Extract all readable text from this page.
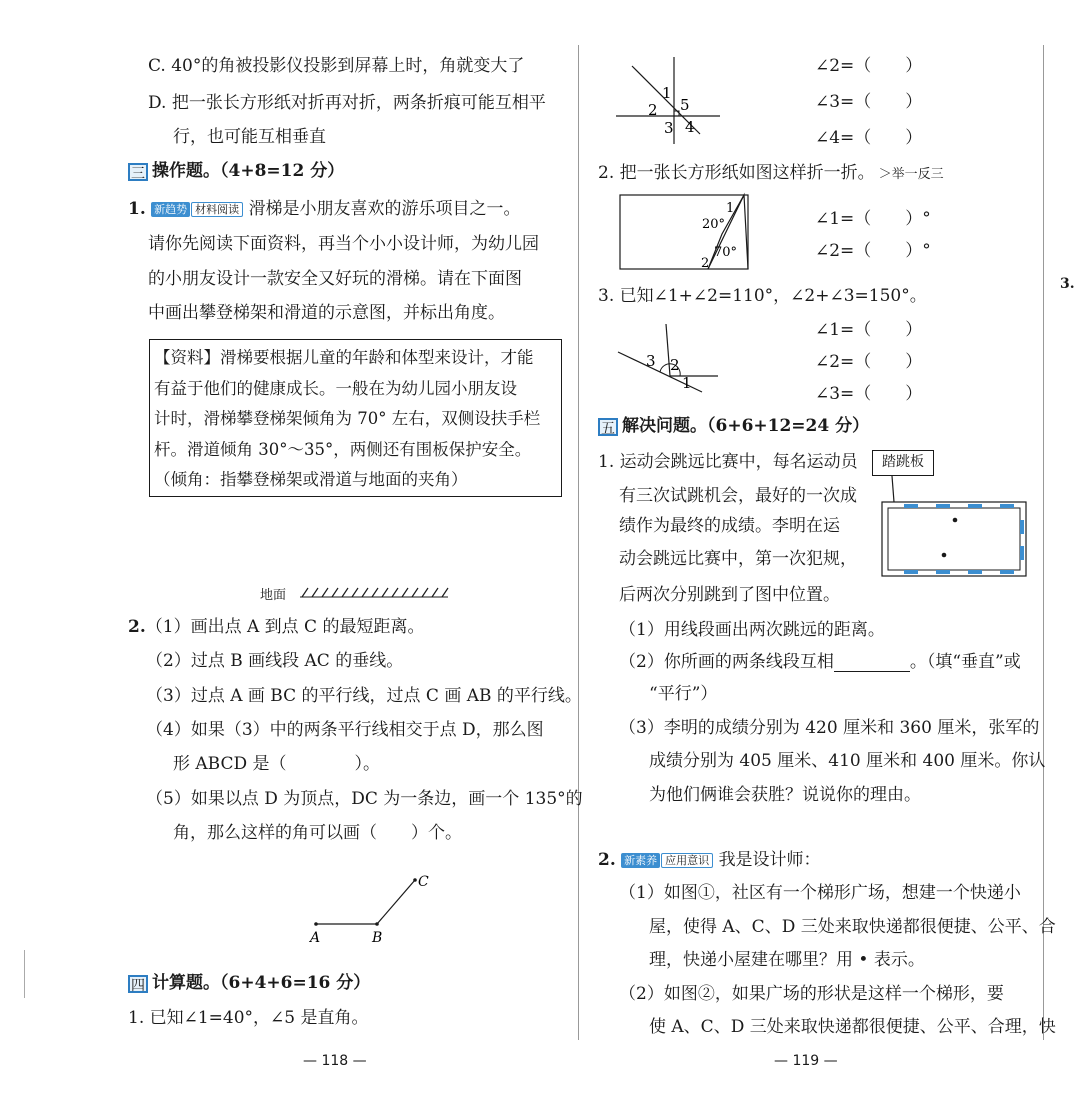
C. 40°的角被投影仪投影到屏幕上时，角就变大了
D. 把一张长方形纸对折再对折，两条折痕可能互相平
行，也可能互相垂直
三 操作题。（4+8=12 分）
1. 新趋势 材料阅读 滑梯是小朋友喜欢的游乐项目之一。
请你先阅读下面资料，再当个小小设计师，为幼儿园
的小朋友设计一款安全又好玩的滑梯。请在下面图
中画出攀登梯架和滑道的示意图，并标出角度。
【资料】滑梯要根据儿童的年龄和体型来设计，才能
有益于他们的健康成长。一般在为幼儿园小朋友设
计时，滑梯攀登梯架倾角为 70° 左右，双侧设扶手栏
杆。滑道倾角 30°～35°，两侧还有围板保护安全。
（倾角：指攀登梯架或滑道与地面的夹角）
地面
2.（1）画出点 A 到点 C 的最短距离。
（2）过点 B 画线段 AC 的垂线。
（3）过点 A 画 BC 的平行线，过点 C 画 AB 的平行线。
（4）如果（3）中的两条平行线相交于点 D，那么图
形 ABCD 是（　　　　）。
（5）如果以点 D 为顶点，DC 为一条边，画一个 135°的
角，那么这样的角可以画（　　）个。
A	B
C
四 计算题。（6+4+6=16 分）
1. 已知∠1=40°，∠5 是直角。
— 118 —
1
2 5
3 4
∠2=（　　）
∠3=（　　）
∠4=（　　）
2. 把一张长方形纸如图这样折一折。 ＞举一反三
1
20°
70°
2
∠1=（　　）°
∠2=（　　）°
3. 已知∠1+∠2=110°，∠2+∠3=150°。
3 2
1
∠1=（　　）
∠2=（　　）
∠3=（　　）
五 解决问题。（6+6+12=24 分）
1. 运动会跳远比赛中，每名运动员
有三次试跳机会，最好的一次成
绩作为最终的成绩。李明在运
动会跳远比赛中，第一次犯规，
后两次分别跳到了图中位置。
踏跳板
（1）用线段画出两次跳远的距离。
（2）你所画的两条线段互相	。（填“垂直”或
“平行”）
（3）李明的成绩分别为 420 厘米和 360 厘米，张军的
成绩分别为 405 厘米、410 厘米和 400 厘米。你认
为他们俩谁会获胜？说说你的理由。
2. 新素养 应用意识 我是设计师：
（1）如图①，社区有一个梯形广场，想建一个快递小
屋，使得 A、C、D 三处来取快递都很便捷、公平、合
理，快递小屋建在哪里？用 • 表示。
（2）如图②，如果广场的形状是这样一个梯形，要
使 A、C、D 三处来取快递都很便捷、公平、合理，快
— 119 —
3.
